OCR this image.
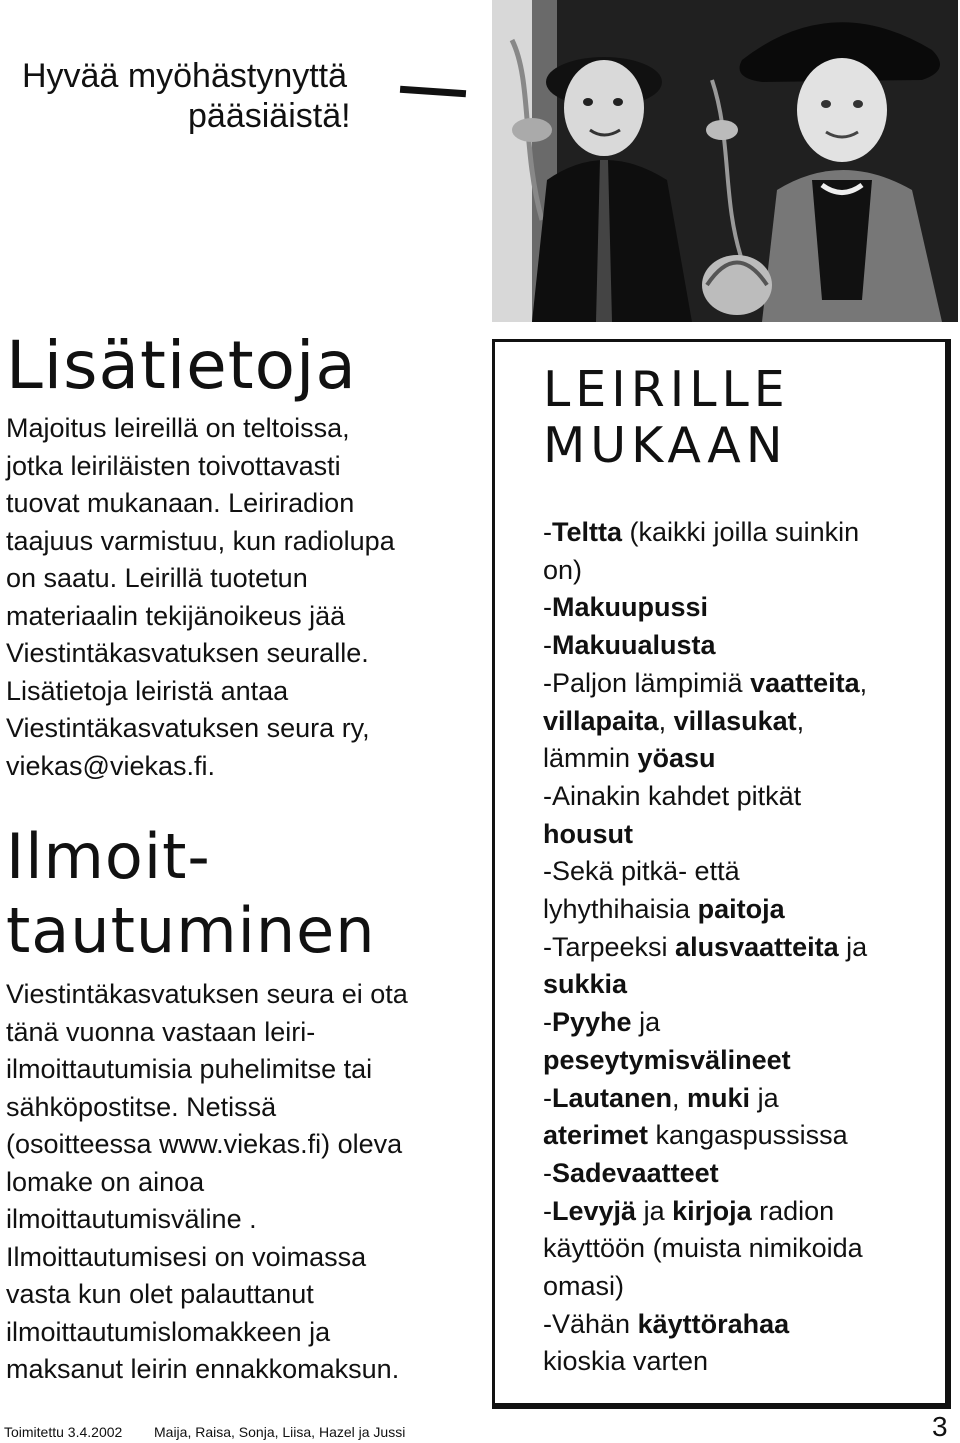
Hyvää myöhästynyttä
pääsiäistä!
Lisätietoja
Majoitus leireillä on teltoissa,
jotka leiriläisten toivottavasti
tuovat mukanaan. Leiriradion
taajuus varmistuu, kun radiolupa
on saatu. Leirillä tuotetun
materiaalin tekijänoikeus jää
Viestintäkasvatuksen seuralle.
Lisätietoja leiristä antaa
Viestintäkasvatuksen seura ry,
viekas@viekas.fi.
Ilmoit-
tautuminen
Viestintäkasvatuksen seura ei ota
tänä vuonna vastaan leiri-
ilmoittautumisia puhelimitse tai
sähköpostitse. Netissä
(osoitteessa www.viekas.fi) oleva
lomake on ainoa
ilmoittautumisväline .
Ilmoittautumisesi on voimassa
vasta kun olet palauttanut
ilmoittautumislomakkeen ja
maksanut leirin ennakkomaksun.
LEIRILLE
MUKAAN
-Teltta (kaikki joilla suinkin
on)
-Makuupussi
-Makuualusta
-Paljon lämpimiä vaatteita,
villapaita, villasukat,
lämmin yöasu
-Ainakin kahdet pitkät
housut
-Sekä pitkä- että
lyhythihaisia paitoja
-Tarpeeksi alusvaatteita ja
sukkia
-Pyyhe ja
peseytymisvälineet
-Lautanen, muki ja
aterimet kangaspussissa
-Sadevaatteet
-Levyjä ja kirjoja radion
käyttöön (muista nimikoida
omasi)
-Vähän käyttörahaa
kioskia varten
Toimitettu 3.4.2002 Maija, Raisa, Sonja, Liisa, Hazel ja Jussi	3
